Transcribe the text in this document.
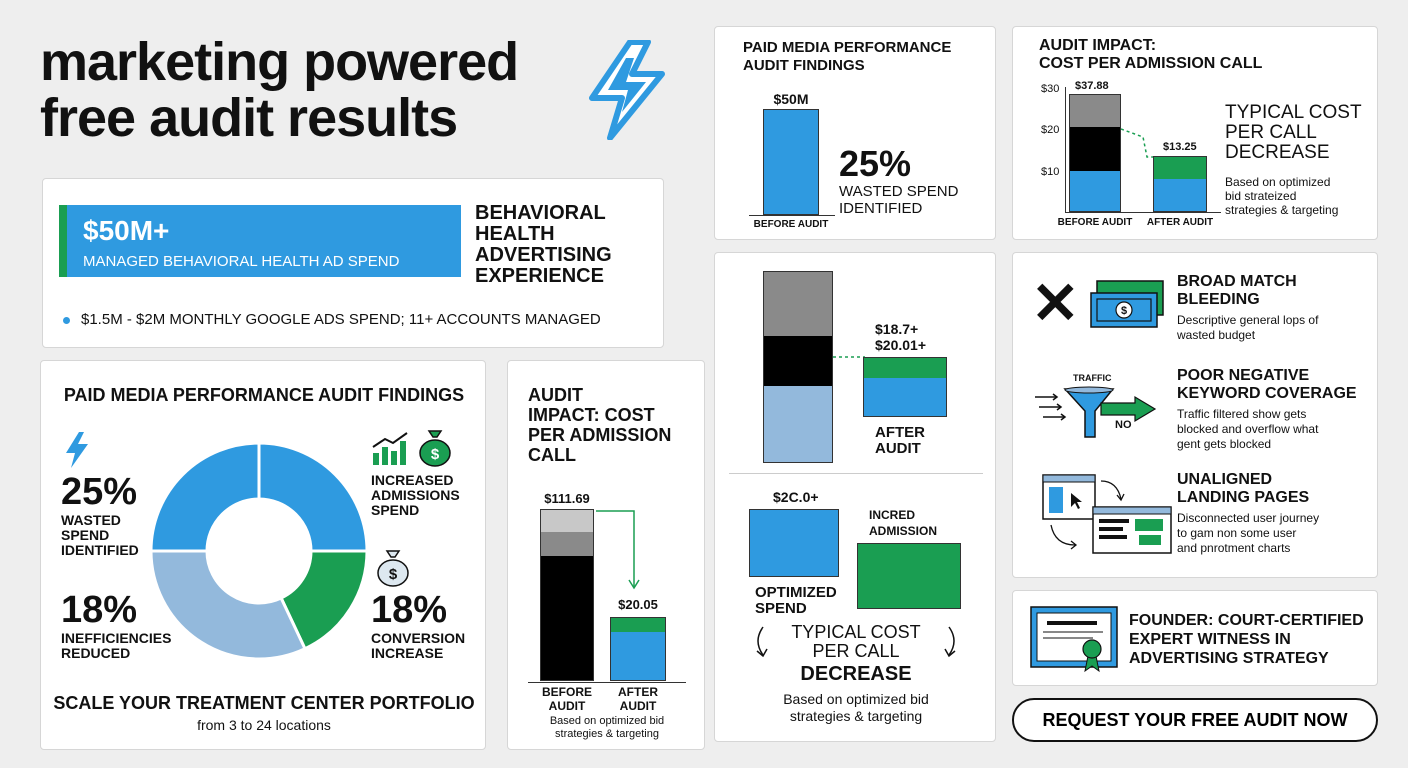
marketing powered
free audit results
$50M+
MANAGED BEHAVIORAL HEALTH AD SPEND
BEHAVIORAL
HEALTH
ADVERTISING
EXPERIENCE
$1.5M - $2M MONTHLY GOOGLE ADS SPEND; 11+ ACCOUNTS MANAGED
PAID MEDIA PERFORMANCE AUDIT FINDINGS
25%
WASTED
SPEND
IDENTIFIED
18%
INEFFICIENCIES
REDUCED
$
INCREASED
ADMISSIONS
SPEND
$
18%
CONVERSION
INCREASE
SCALE YOUR TREATMENT CENTER PORTFOLIO
from 3 to 24 locations
AUDIT
IMPACT: COST
PER ADMISSION
CALL
$111.69
$20.05
BEFORE
AUDIT
AFTER
AUDIT
Based on optimized bid
strategies & targeting
PAID MEDIA PERFORMANCE
AUDIT FINDINGS
$50M
BEFORE AUDIT
25%
WASTED SPEND
IDENTIFIED
$18.7+
$20.01+
AFTER
AUDIT
$2C.0+
INCRED
ADMISSION
OPTIMIZED
SPEND
TYPICAL COST
PER CALL
DECREASE
Based on optimized bid
strategies & targeting
AUDIT IMPACT:
COST PER ADMISSION CALL
$30
$20
$10
$37.88
$13.25
BEFORE AUDIT	AFTER AUDIT
TYPICAL COST
PER CALL
DECREASE
Based on optimized
bid strateized
strategies & targeting
✕	$
BROAD MATCH
BLEEDING
Descriptive general lops of
wasted budget
TRAFFIC
NO
POOR NEGATIVE
KEYWORD COVERAGE
Traffic filtered show gets
blocked and overflow what
gent gets blocked
UNALIGNED
LANDING PAGES
Disconnected user journey
to gam non some user
and pnrotment charts
FOUNDER: COURT-CERTIFIED
EXPERT WITNESS IN
ADVERTISING STRATEGY
REQUEST YOUR FREE AUDIT NOW
